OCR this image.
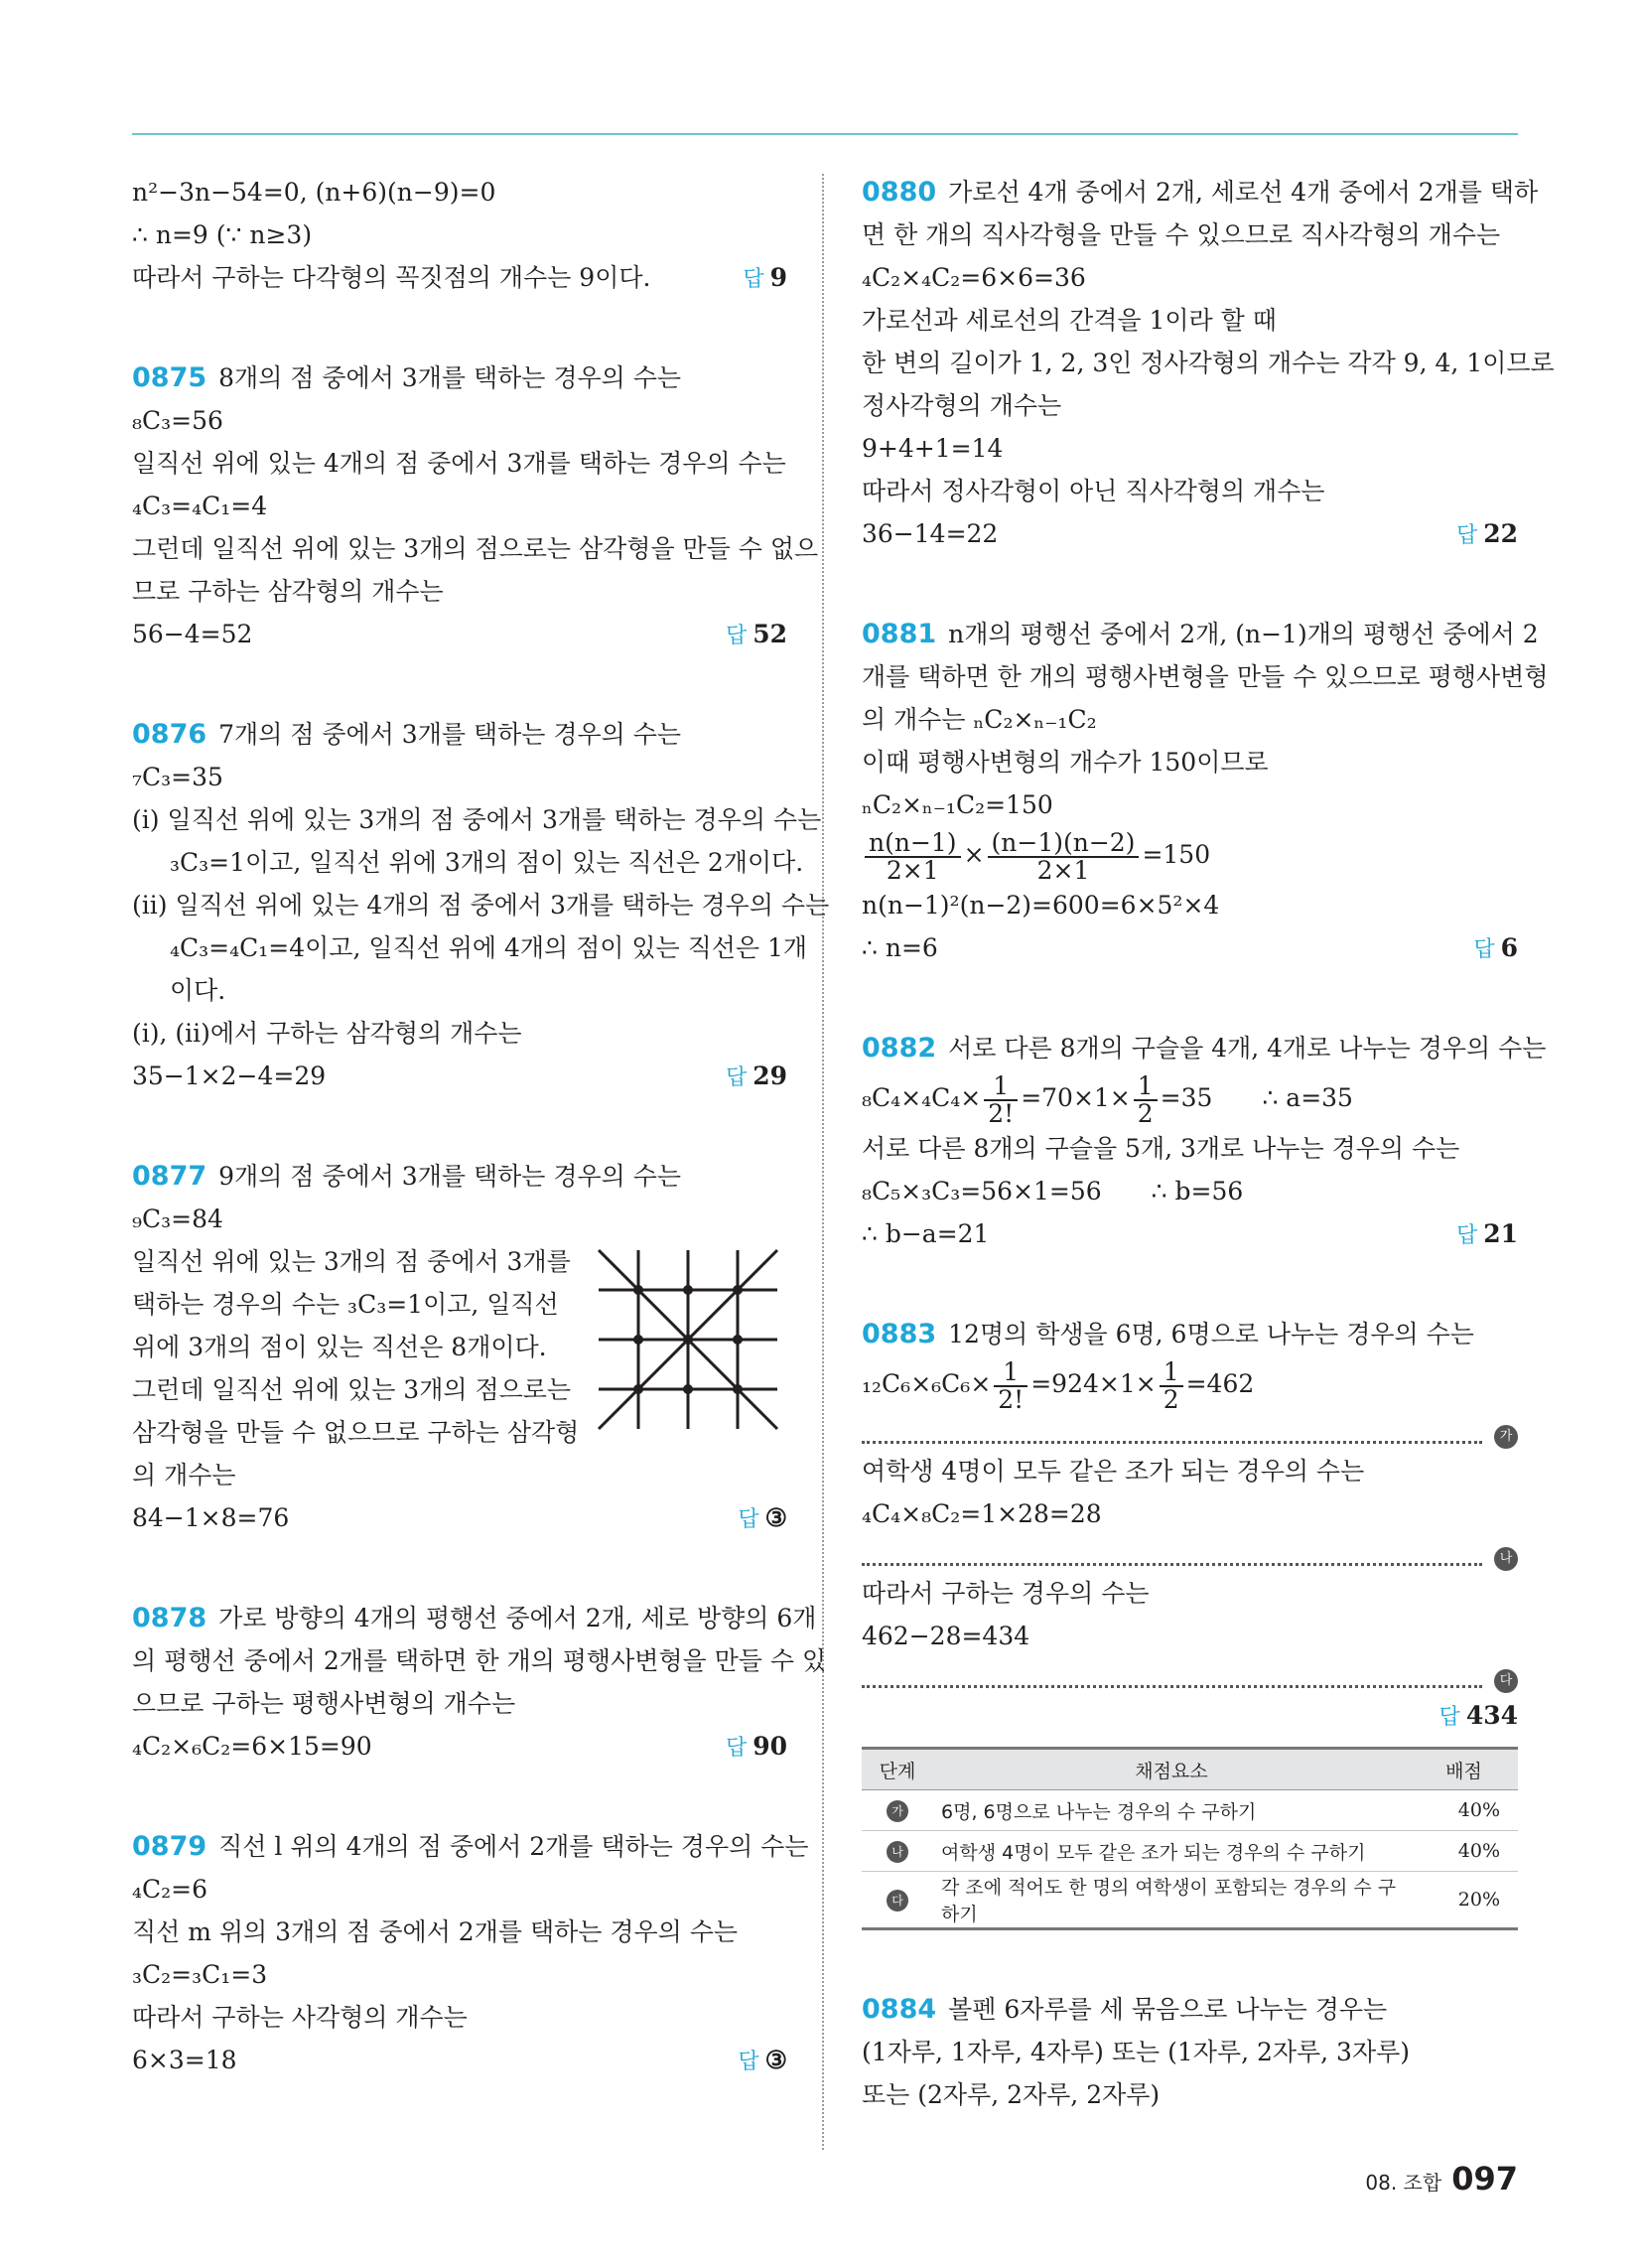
n²−3n−54=0, (n+6)(n−9)=0
∴ n=9 (∵ n≥3)
따라서 구하는 다각형의 꼭짓점의 개수는 9이다.	답 9
0875 8개의 점 중에서 3개를 택하는 경우의 수는
₈C₃=56
일직선 위에 있는 4개의 점 중에서 3개를 택하는 경우의 수는
₄C₃=₄C₁=4
그런데 일직선 위에 있는 3개의 점으로는 삼각형을 만들 수 없으
므로 구하는 삼각형의 개수는
56−4=52	답 52
0876 7개의 점 중에서 3개를 택하는 경우의 수는
₇C₃=35
(ⅰ) 일직선 위에 있는 3개의 점 중에서 3개를 택하는 경우의 수는
₃C₃=1이고, 일직선 위에 3개의 점이 있는 직선은 2개이다.
(ⅱ) 일직선 위에 있는 4개의 점 중에서 3개를 택하는 경우의 수는
₄C₃=₄C₁=4이고, 일직선 위에 4개의 점이 있는 직선은 1개
이다.
(ⅰ), (ⅱ)에서 구하는 삼각형의 개수는
35−1×2−4=29	답 29
0877 9개의 점 중에서 3개를 택하는 경우의 수는
₉C₃=84
일직선 위에 있는 3개의 점 중에서 3개를
택하는 경우의 수는 ₃C₃=1이고, 일직선
위에 3개의 점이 있는 직선은 8개이다.
그런데 일직선 위에 있는 3개의 점으로는
삼각형을 만들 수 없으므로 구하는 삼각형
의 개수는
84−1×8=76	답 ③
0878 가로 방향의 4개의 평행선 중에서 2개, 세로 방향의 6개
의 평행선 중에서 2개를 택하면 한 개의 평행사변형을 만들 수 있
으므로 구하는 평행사변형의 개수는
₄C₂×₆C₂=6×15=90	답 90
0879 직선 l 위의 4개의 점 중에서 2개를 택하는 경우의 수는
₄C₂=6
직선 m 위의 3개의 점 중에서 2개를 택하는 경우의 수는
₃C₂=₃C₁=3
따라서 구하는 사각형의 개수는
6×3=18	답 ③
0880 가로선 4개 중에서 2개, 세로선 4개 중에서 2개를 택하
면 한 개의 직사각형을 만들 수 있으므로 직사각형의 개수는
₄C₂×₄C₂=6×6=36
가로선과 세로선의 간격을 1이라 할 때
한 변의 길이가 1, 2, 3인 정사각형의 개수는 각각 9, 4, 1이므로
정사각형의 개수는
9+4+1=14
따라서 정사각형이 아닌 직사각형의 개수는
36−14=22	답 22
0881 n개의 평행선 중에서 2개, (n−1)개의 평행선 중에서 2
개를 택하면 한 개의 평행사변형을 만들 수 있으므로 평행사변형
의 개수는 ₙC₂×ₙ₋₁C₂
이때 평행사변형의 개수가 150이므로
ₙC₂×ₙ₋₁C₂=150
$\frac{n(n-1)}{2\times 1} \times \frac{(n-1)(n-2)}{2\times 1} =150$
n(n−1)²(n−2)=600=6×5²×4
∴ n=6	답 6
0882 서로 다른 8개의 구슬을 4개, 4개로 나누는 경우의 수는
$_8C_4\times_4C_4\times \frac{1}{2!} =70\times 1\times \frac{1}{2} =35$ ∴ a=35
서로 다른 8개의 구슬을 5개, 3개로 나누는 경우의 수는
₈C₅×₃C₃=56×1=56 ∴ b=56
∴ b−a=21	답 21
0883 12명의 학생을 6명, 6명으로 나누는 경우의 수는
$_{12}C_6\times_6C_6\times \frac{1}{2!} =924\times 1\times \frac{1}{2} =462$
가
여학생 4명이 모두 같은 조가 되는 경우의 수는
₄C₄×₈C₂=1×28=28
나
따라서 구하는 경우의 수는
462−28=434
다
답 434
단계	채점요소	배점
가	6명, 6명으로 나누는 경우의 수 구하기	40%
나	여학생 4명이 모두 같은 조가 되는 경우의 수 구하기	40%
다	각 조에 적어도 한 명의 여학생이 포함되는 경우의 수 구하기	20%
0884 볼펜 6자루를 세 묶음으로 나누는 경우는
(1자루, 1자루, 4자루) 또는 (1자루, 2자루, 3자루)
또는 (2자루, 2자루, 2자루)
08. 조합 097
